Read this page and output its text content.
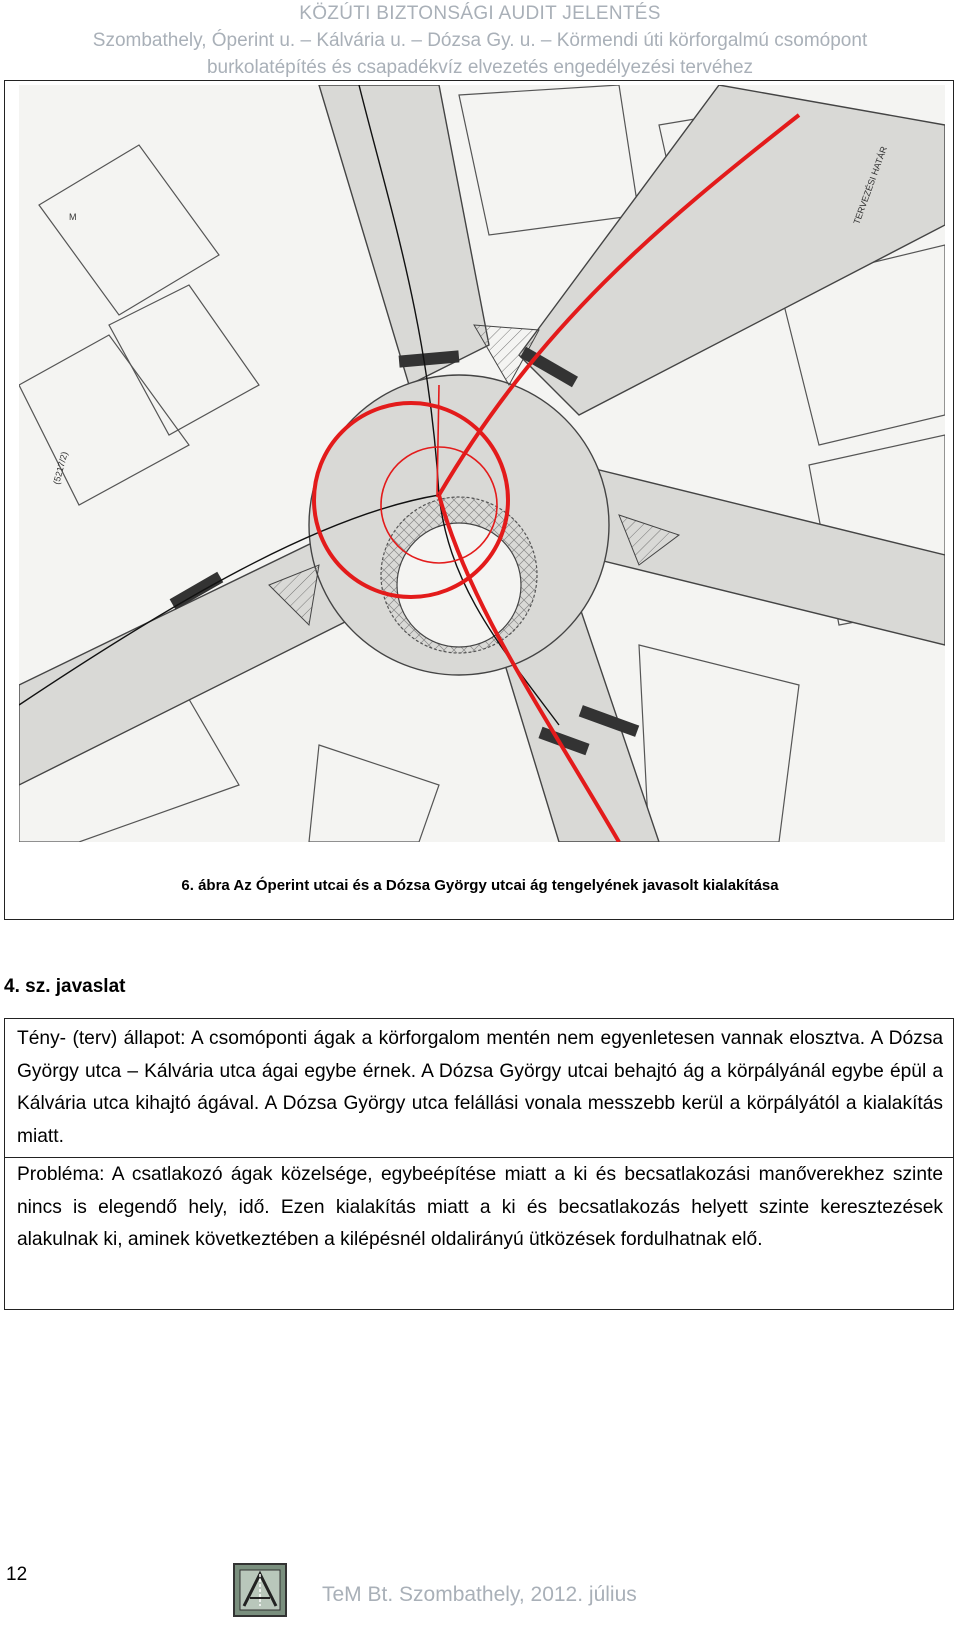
KÖZÚTI BIZTONSÁGI AUDIT JELENTÉS
Szombathely, Óperint u. – Kálvária u. – Dózsa Gy. u. – Körmendi úti körforgalmú csomópont
burkolatépítés és csapadékvíz elvezetés engedélyezési tervéhez
TERVEZÉSI HATÁR
(5217/2)
M
6. ábra Az Óperint utcai és a Dózsa György utcai ág tengelyének javasolt kialakítása
4. sz. javaslat
Tény- (terv) állapot: A csomóponti ágak a körforgalom mentén nem egyenletesen vannak elosztva. A Dózsa György utca – Kálvária utca ágai egybe érnek. A Dózsa György utcai behajtó ág a körpályánál egybe épül a Kálvária utca kihajtó ágával. A Dózsa György utca felállási vonala messzebb kerül a körpályától a kialakítás miatt.
Probléma: A csatlakozó ágak közelsége, egybeépítése miatt a ki és becsatlakozási manőverekhez szinte nincs is elegendő hely, idő. Ezen kialakítás miatt a ki és becsatlakozás helyett szinte keresztezések alakulnak ki, aminek következtében a kilépésnél oldalirányú ütközések fordulhatnak elő.
12
TeM Bt. Szombathely, 2012. július
